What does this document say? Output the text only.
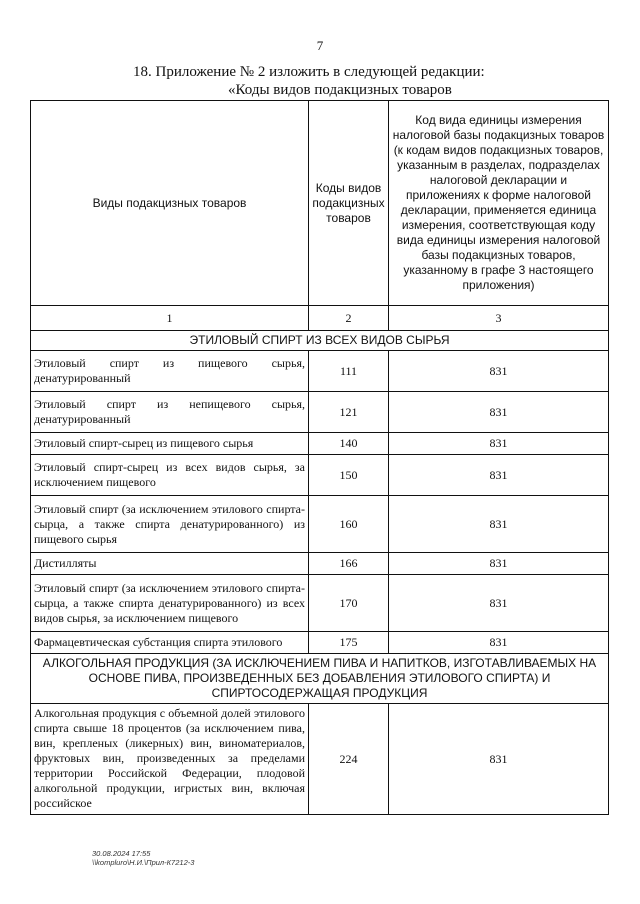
7
18. Приложение № 2 изложить в следующей редакции:
«Коды видов подакцизных товаров
Виды подакцизных товаров	Коды видов подакцизных товаров	Код вида единицы измерения налоговой базы подакцизных товаров (к кодам видов подакцизных товаров, указанным в разделах, подразделах налоговой декларации и приложениях к форме налоговой декларации, применяется единица измерения, соответствующая коду вида единицы измерения налоговой базы подакцизных товаров, указанному в графе 3 настоящего приложения)
1	2	3
ЭТИЛОВЫЙ СПИРТ ИЗ ВСЕХ ВИДОВ СЫРЬЯ		
Этиловый спирт из пищевого сырья, денатурированный	111	831
Этиловый спирт из непищевого сырья, денатурированный	121	831
Этиловый спирт-сырец из пищевого сырья	140	831
Этиловый спирт-сырец из всех видов сырья, за исключением пищевого	150	831
Этиловый спирт (за исключением этилового спирта-сырца, а также спирта денатурированного) из пищевого сырья	160	831
Дистилляты	166	831
Этиловый спирт (за исключением этилового спирта-сырца, а также спирта денатурированного) из всех видов сырья, за исключением пищевого	170	831
Фармацевтическая субстанция спирта этилового	175	831
АЛКОГОЛЬНАЯ ПРОДУКЦИЯ (ЗА ИСКЛЮЧЕНИЕМ ПИВА И НАПИТКОВ, ИЗГОТАВЛИВАЕМЫХ НА ОСНОВЕ ПИВА, ПРОИЗВЕДЕННЫХ БЕЗ ДОБАВЛЕНИЯ ЭТИЛОВОГО СПИРТА) И СПИРТОСОДЕРЖАЩАЯ ПРОДУКЦИЯ		
Алкогольная продукция с объемной долей этилового спирта свыше 18 процентов (за исключением пива, вин, крепленых (ликерных) вин, виноматериалов, фруктовых вин, произведенных за пределами территории Российской Федерации, плодовой алкогольной продукции, игристых вин, включая российское	224	831
30.08.2024 17:55
\\kompluro\Н.И.\Прил-К7212-3
